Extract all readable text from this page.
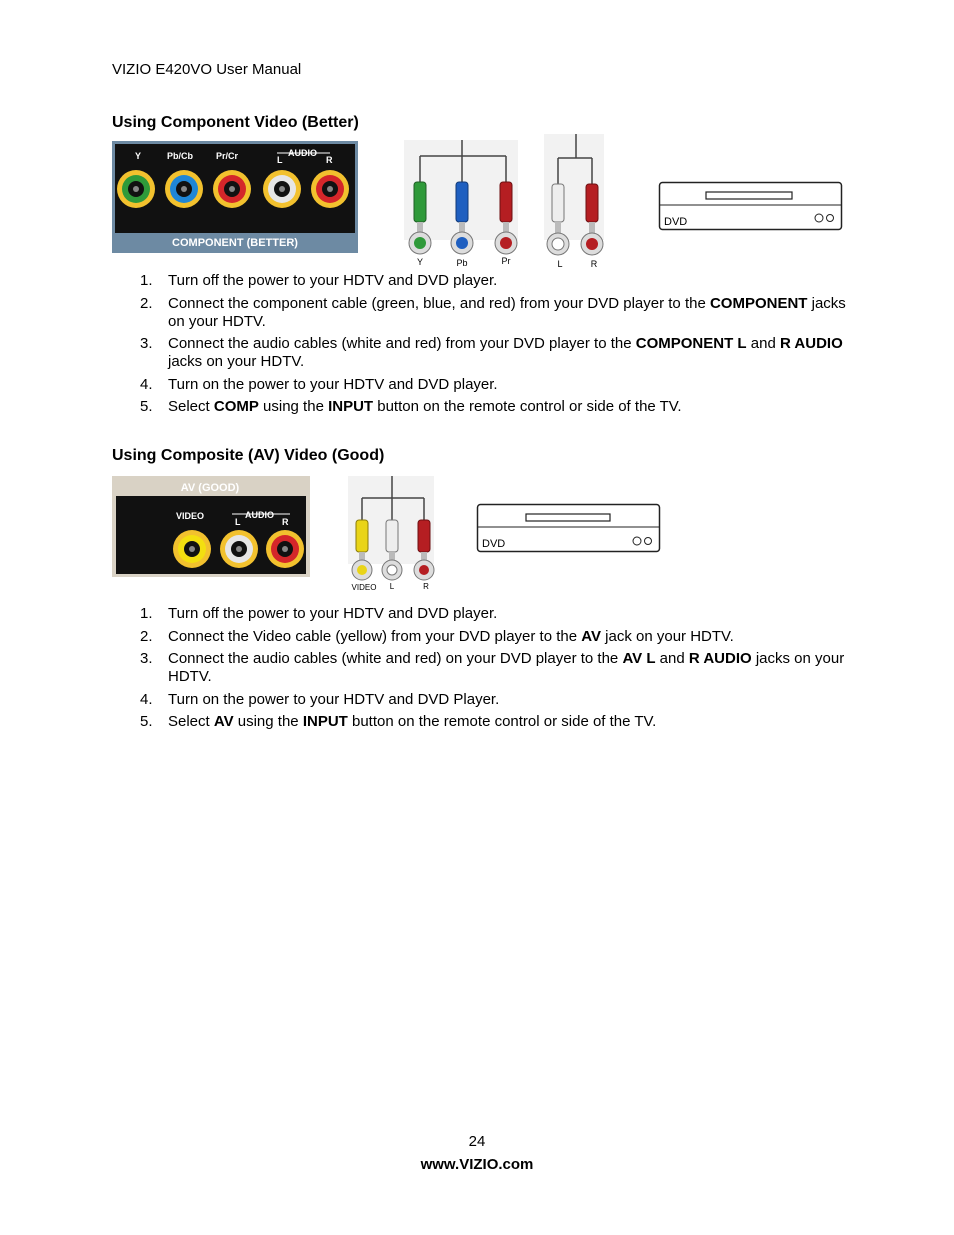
VIZIO E420VO User Manual
Using Component Video (Better)
Y	Pb/Cb	Pr/Cr	L
AUDIO
R
COMPONENT (BETTER)
Y	Pb	Pr	L	R
DVD
1. Turn off the power to your HDTV and DVD player.
2. Connect the component cable (green, blue, and red) from your DVD player to the COMPONENT jacks on your HDTV.
3. Connect the audio cables (white and red) from your DVD player to the COMPONENT L and R AUDIO jacks on your HDTV.
4. Turn on the power to your HDTV and DVD player.
5. Select COMP using the INPUT button on the remote control or side of the TV.
Using Composite (AV) Video (Good)
AV (GOOD)
VIDEO
L
AUDIO
R
VIDEO L	R
DVD
1. Turn off the power to your HDTV and DVD player.
2. Connect the Video cable (yellow) from your DVD player to the AV jack on your HDTV.
3. Connect the audio cables (white and red) on your DVD player to the AV L and R AUDIO jacks on your HDTV.
4. Turn on the power to your HDTV and DVD Player.
5. Select AV using the INPUT button on the remote control or side of the TV.
24
www.VIZIO.com
